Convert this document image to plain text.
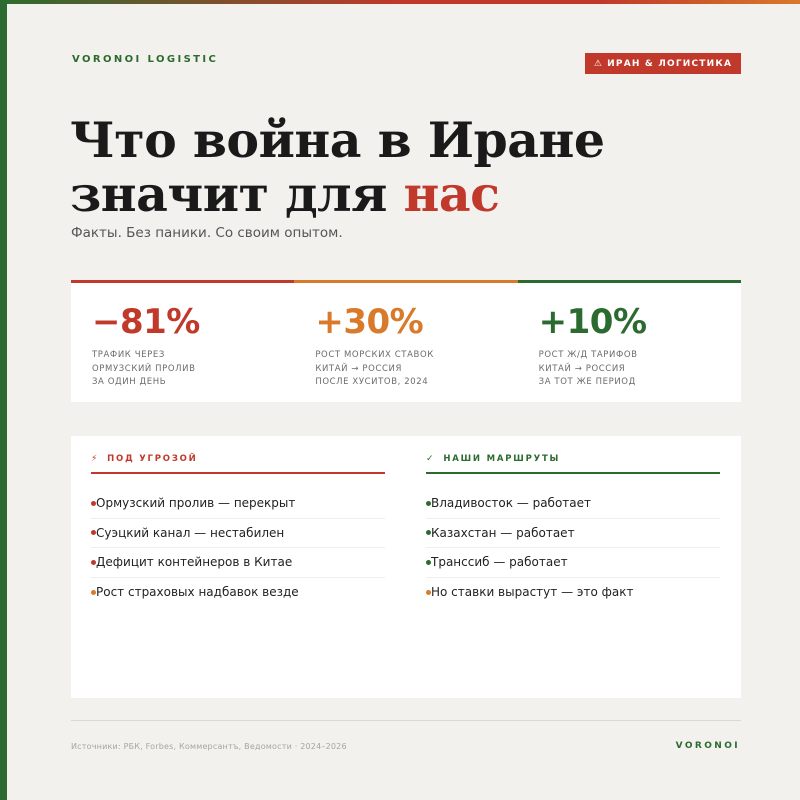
VORONOI LOGISTIC	⚠ ИРАН & ЛОГИСТИКА
Что война в Иране
значит для нас
Факты. Без паники. Со своим опытом.
−81%
ТРАФИК ЧЕРЕЗ
ОРМУЗСКИЙ ПРОЛИВ
ЗА ОДИН ДЕНЬ
+30%
РОСТ МОРСКИХ СТАВОК
КИТАЙ → РОССИЯ
ПОСЛЕ ХУСИТОВ, 2024
+10%
РОСТ Ж/Д ТАРИФОВ
КИТАЙ → РОССИЯ
ЗА ТОТ ЖЕ ПЕРИОД
⚡ ПОД УГРОЗОЙ
Ормузский пролив — перекрыт
Суэцкий канал — нестабилен
Дефицит контейнеров в Китае
Рост страховых надбавок везде
✓ НАШИ МАРШРУТЫ
Владивосток — работает
Казахстан — работает
Транссиб — работает
Но ставки вырастут — это факт
Источники: РБК, Forbes, Коммерсантъ, Ведомости · 2024–2026	VORONOI
